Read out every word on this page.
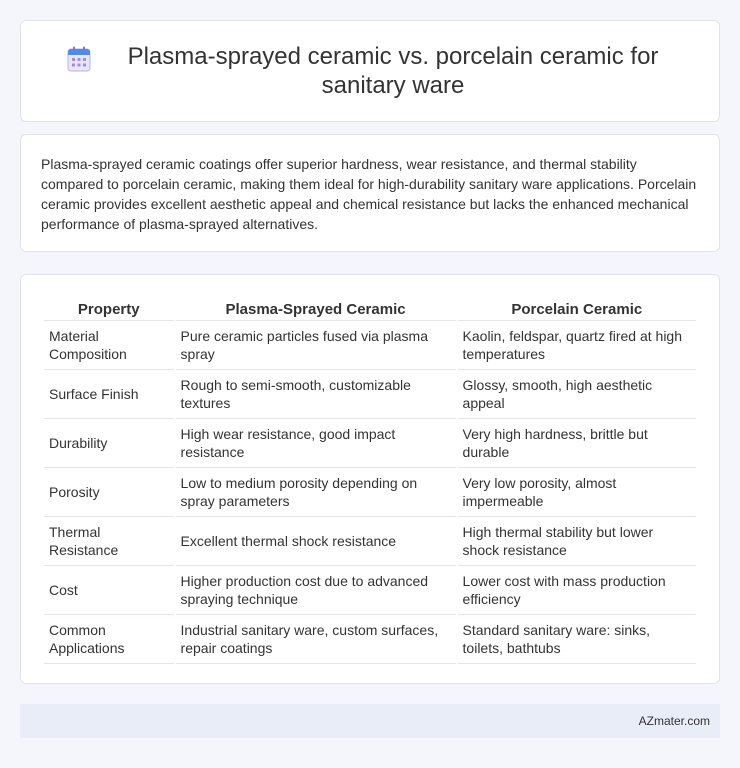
Plasma-sprayed ceramic vs. porcelain ceramic for sanitary ware

Plasma-sprayed ceramic coatings offer superior hardness, wear resistance, and thermal stability compared to porcelain ceramic, making them ideal for high-durability sanitary ware applications. Porcelain ceramic provides excellent aesthetic appeal and chemical resistance but lacks the enhanced mechanical performance of plasma-sprayed alternatives.

Property	Plasma-Sprayed Ceramic	Porcelain Ceramic
Material Composition	Pure ceramic particles fused via plasma spray	Kaolin, feldspar, quartz fired at high temperatures
Surface Finish	Rough to semi-smooth, customizable textures	Glossy, smooth, high aesthetic appeal
Durability	High wear resistance, good impact resistance	Very high hardness, brittle but durable
Porosity	Low to medium porosity depending on spray parameters	Very low porosity, almost impermeable
Thermal Resistance	Excellent thermal shock resistance	High thermal stability but lower shock resistance
Cost	Higher production cost due to advanced spraying technique	Lower cost with mass production efficiency
Common Applications	Industrial sanitary ware, custom surfaces, repair coatings	Standard sanitary ware: sinks, toilets, bathtubs
AZmater.com
